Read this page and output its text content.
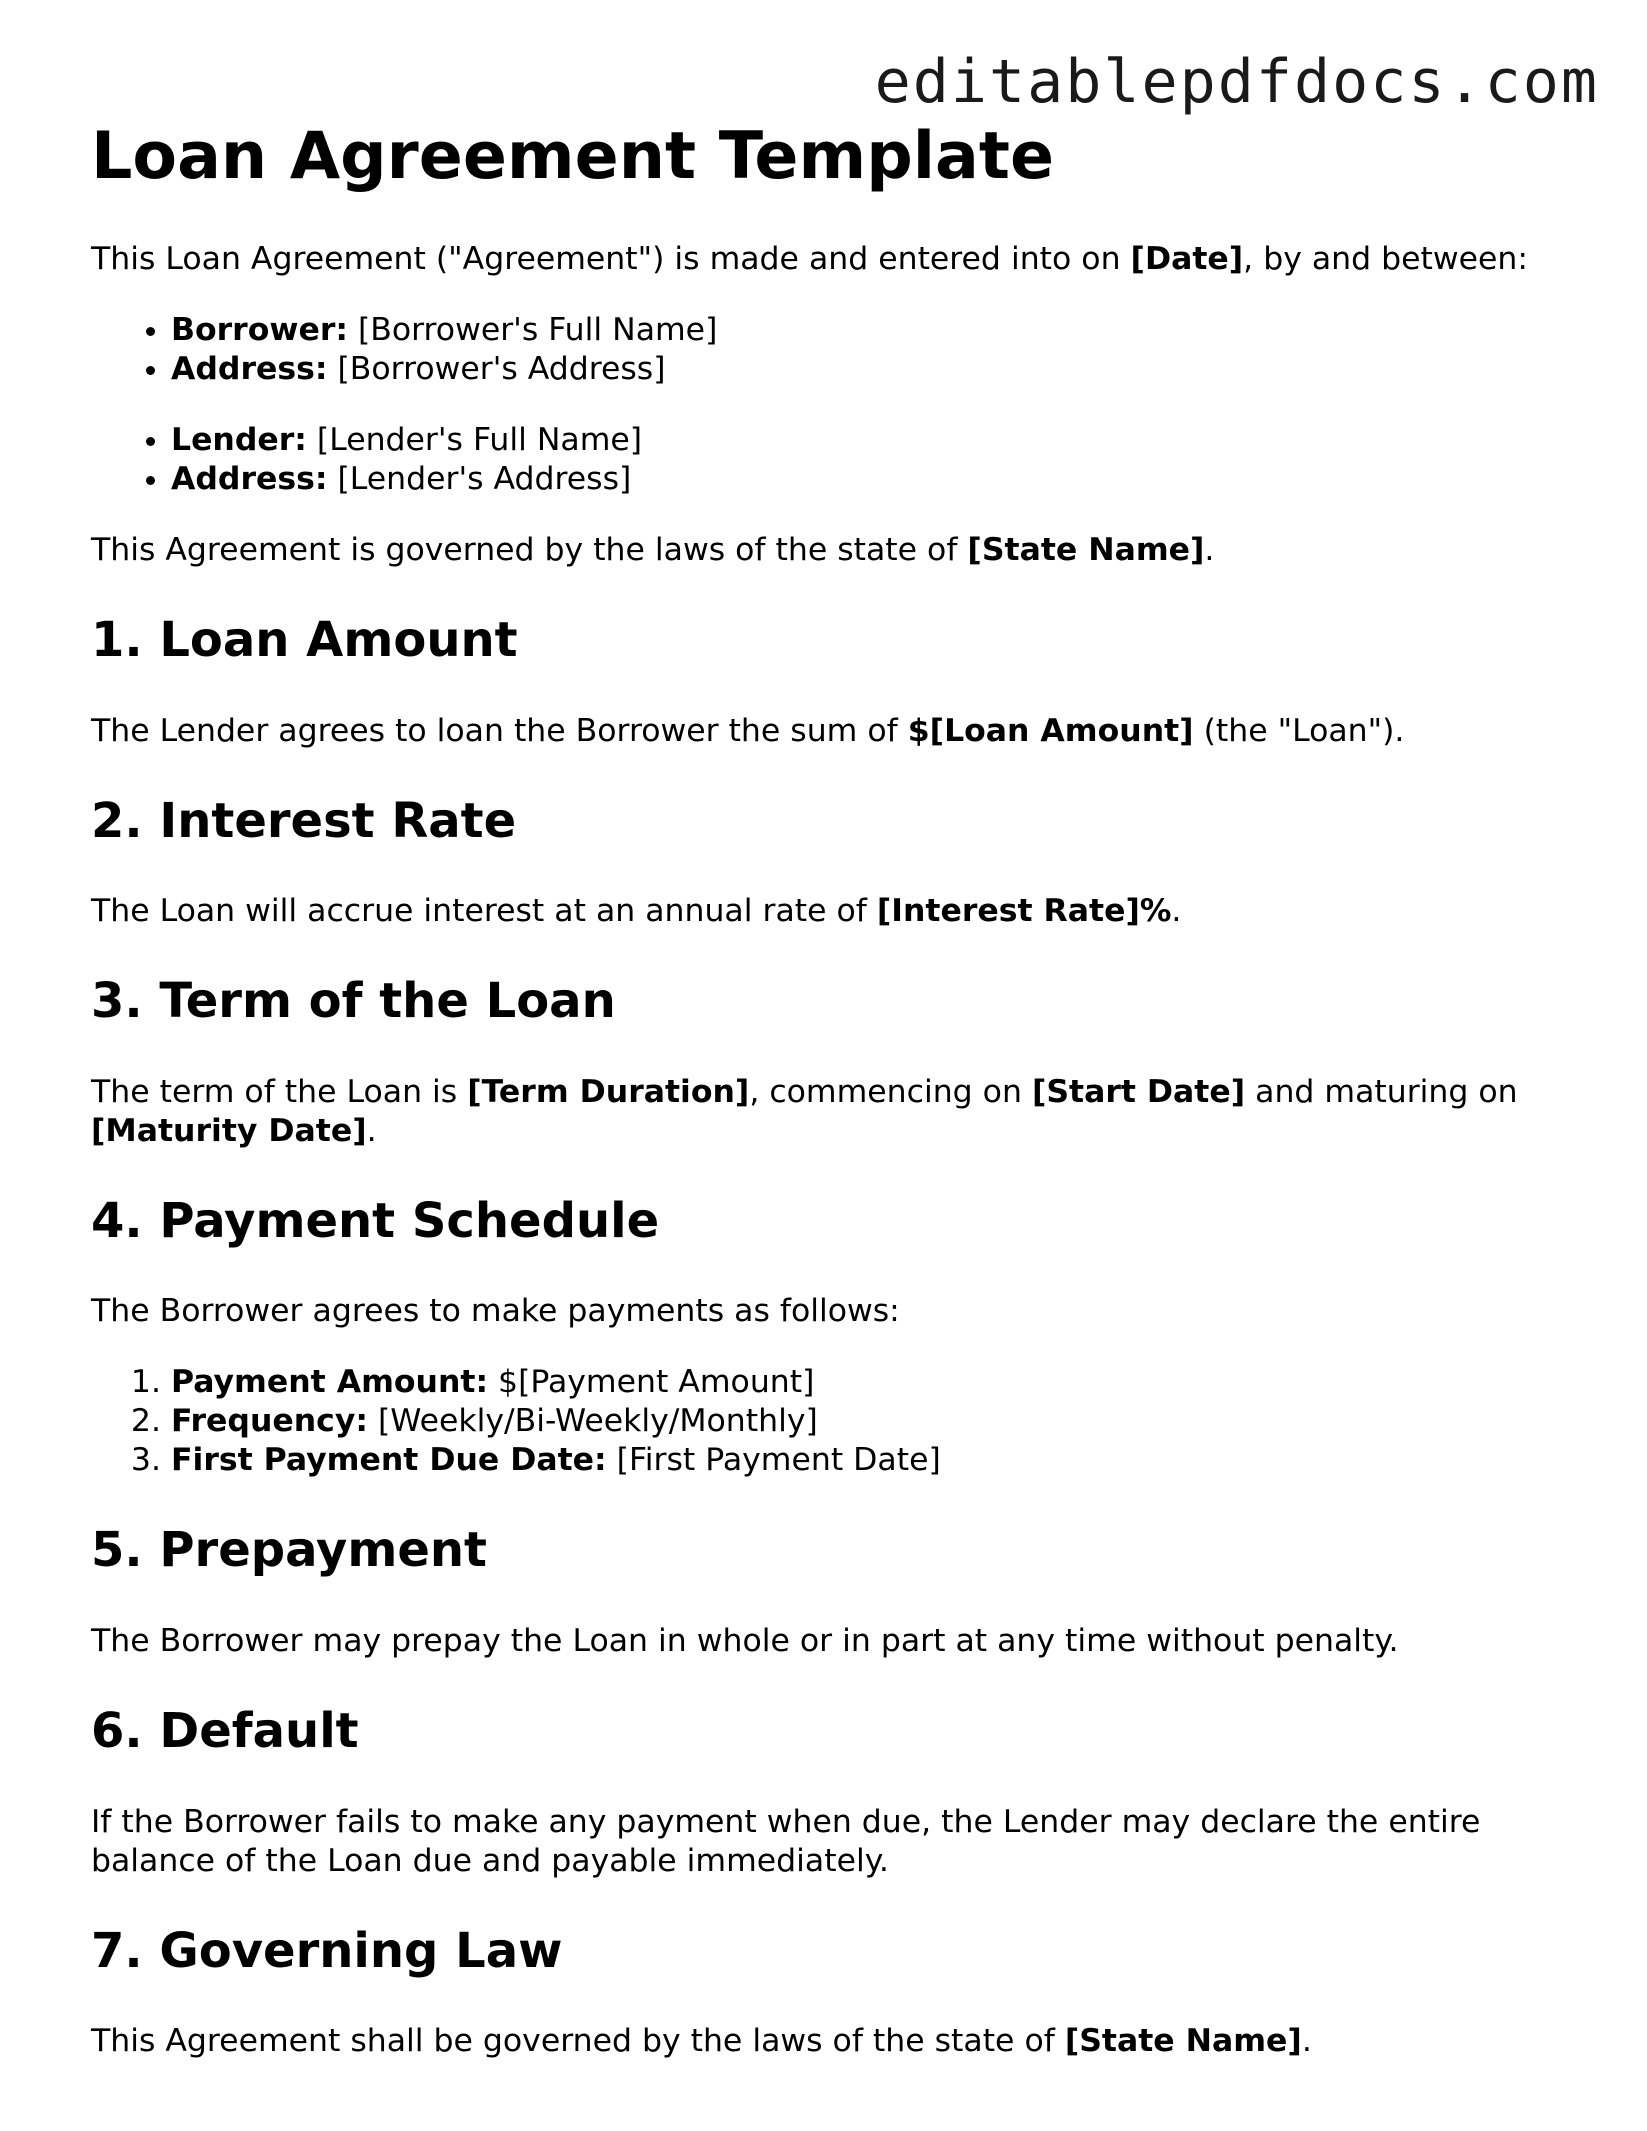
editablepdfdocs.com
Loan Agreement Template

This Loan Agreement ("Agreement") is made and entered into on [Date], by and between:

• Borrower: [Borrower's Full Name]
• Address: [Borrower's Address]
• Lender: [Lender's Full Name]
• Address: [Lender's Address]

This Agreement is governed by the laws of the state of [State Name].

1. Loan Amount

The Lender agrees to loan the Borrower the sum of $[Loan Amount] (the "Loan").

2. Interest Rate

The Loan will accrue interest at an annual rate of [Interest Rate]%.

3. Term of the Loan

The term of the Loan is [Term Duration], commencing on [Start Date] and maturing on [Maturity Date].

4. Payment Schedule

The Borrower agrees to make payments as follows:

1. Payment Amount: $[Payment Amount]
2. Frequency: [Weekly/Bi-Weekly/Monthly]
3. First Payment Due Date: [First Payment Date]
5. Prepayment

The Borrower may prepay the Loan in whole or in part at any time without penalty.

6. Default

If the Borrower fails to make any payment when due, the Lender may declare the entire balance of the Loan due and payable immediately.

7. Governing Law

This Agreement shall be governed by the laws of the state of [State Name].
